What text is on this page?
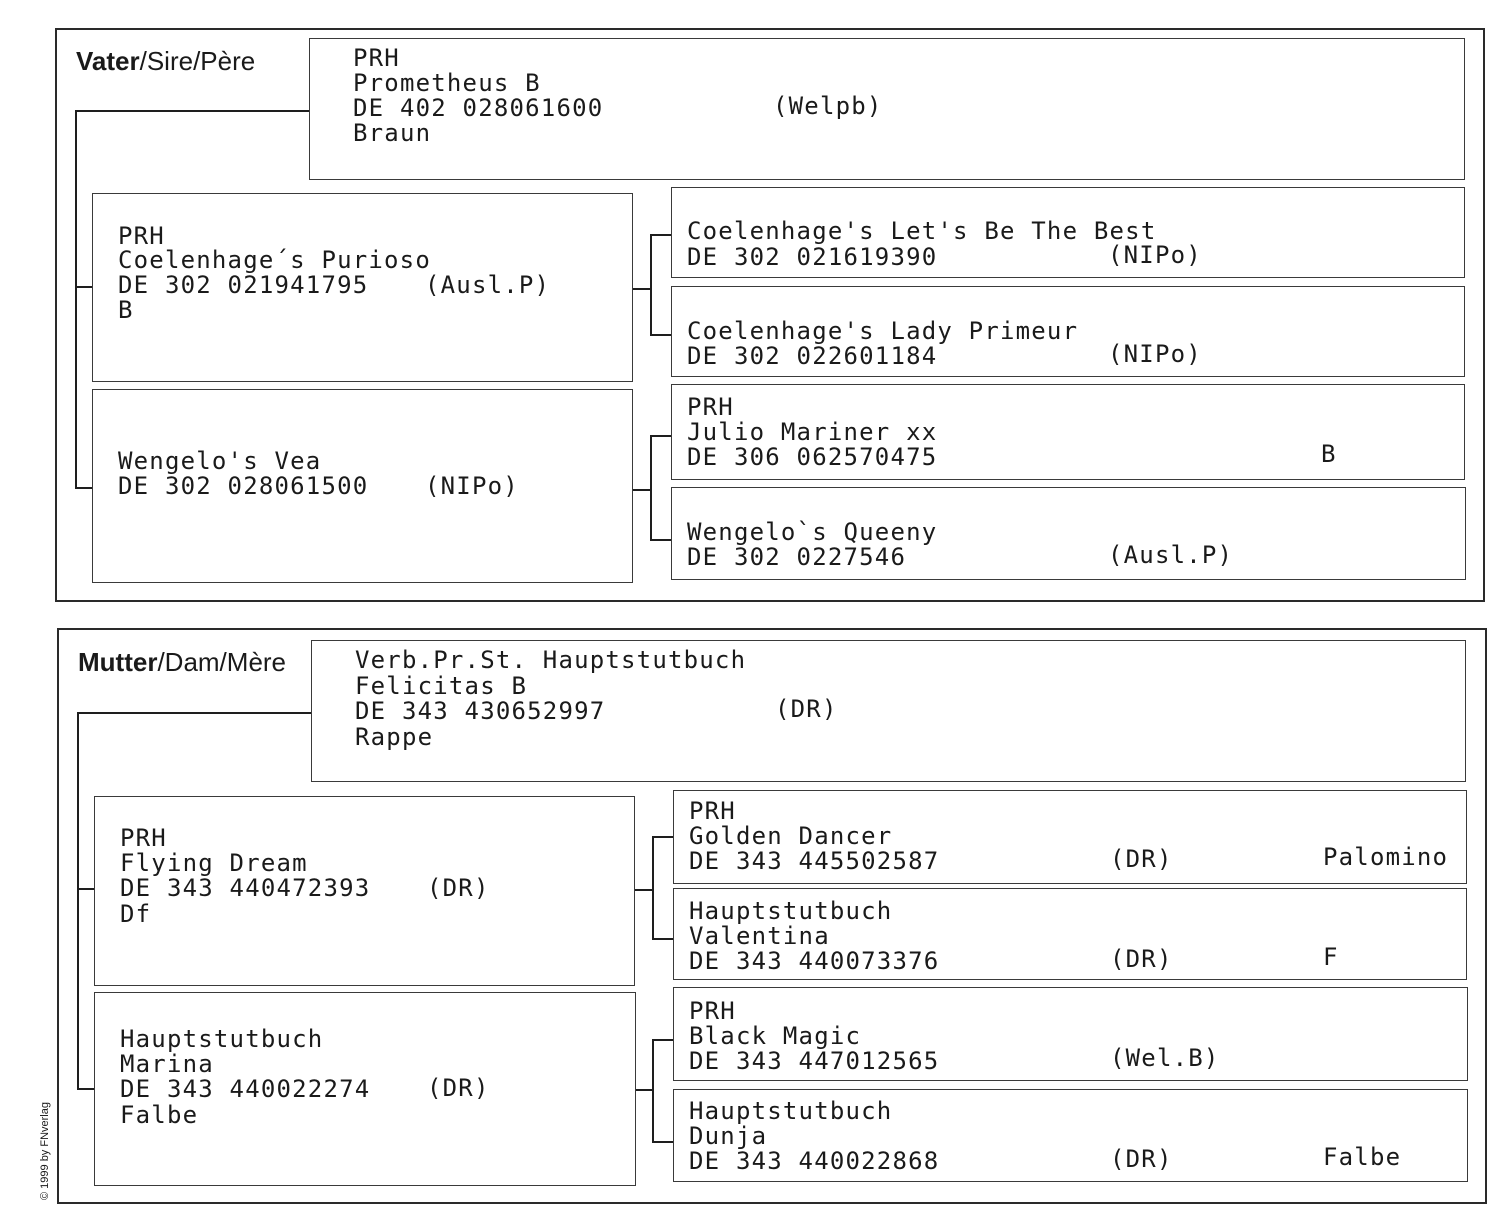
Vater/Sire/Père	PRH
Prometheus B
DE 402 028061600	(Welpb)
Braun
PRH
Coelenhage´s Purioso
DE 302 021941795 (Ausl.P)
B
Wengelo's Vea
DE 302 028061500 (NIPo)
Coelenhage's Let's Be The Best
DE 302 021619390	(NIPo)
Coelenhage's Lady Primeur
DE 302 022601184	(NIPo)
PRH
Julio Mariner xx
DE 306 062570475	B
Wengelo`s Queeny
DE 302 0227546	(Ausl.P)
Mutter/Dam/Mère	Verb.Pr.St. Hauptstutbuch
Felicitas B
DE 343 430652997	(DR)
Rappe
PRH
Flying Dream
DE 343 440472393 (DR)
Df
Hauptstutbuch
Marina
DE 343 440022274 (DR)
Falbe
PRH
Golden Dancer
DE 343 445502587	(DR)	Palomino
Hauptstutbuch
Valentina
DE 343 440073376	(DR)	F
PRH
Black Magic
DE 343 447012565	(Wel.B)
Hauptstutbuch
Dunja
DE 343 440022868	(DR)	Falbe
© 1999 by FNverlag
